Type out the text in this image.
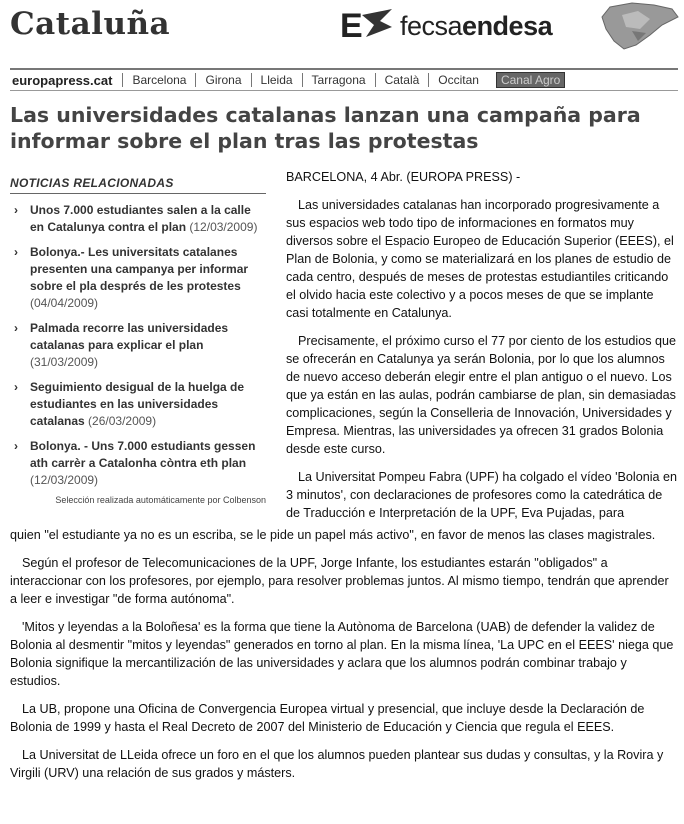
Cataluña	E fecsaendesa
europapress.cat	Barcelona	Girona	Lleida	Tarragona	Català	Occitan	Canal Agro
Las universidades catalanas lanzan una campaña para informar sobre el plan tras las protestas
NOTICIAS RELACIONADAS
› Unos 7.000 estudiantes salen a la calle en Catalunya contra el plan (12/03/2009)
› Bolonya.- Les universitats catalanes presenten una campanya per informar sobre el pla després de les protestes (04/04/2009)
› Palmada recorre las universidades catalanas para explicar el plan (31/03/2009)
› Seguimiento desigual de la huelga de estudiantes en las universidades catalanas (26/03/2009)
› Bolonya. - Uns 7.000 estudiants gessen ath carrèr a Catalonha còntra eth plan (12/03/2009)
Selección realizada automáticamente por Colbenson

BARCELONA, 4 Abr. (EUROPA PRESS) -

Las universidades catalanas han incorporado progresivamente a sus espacios web todo tipo de informaciones en formatos muy diversos sobre el Espacio Europeo de Educación Superior (EEES), el Plan de Bolonia, y como se materializará en los planes de estudio de cada centro, después de meses de protestas estudiantiles criticando el olvido hacia este colectivo y a pocos meses de que se implante casi totalmente en Catalunya.

Precisamente, el próximo curso el 77 por ciento de los estudios que se ofrecerán en Catalunya ya serán Bolonia, por lo que los alumnos de nuevo acceso deberán elegir entre el plan antiguo o el nuevo. Los que ya están en las aulas, podrán cambiarse de plan, sin demasiadas complicaciones, según la Conselleria de Innovación, Universidades y Empresa. Mientras, las universidades ya ofrecen 31 grados Bolonia desde este curso.

La Universitat Pompeu Fabra (UPF) ha colgado el vídeo 'Bolonia en 3 minutos', con declaraciones de profesores como la catedrática de de Traducción e Interpretación de la UPF, Eva Pujadas, para

quien "el estudiante ya no es un escriba, se le pide un papel más activo", en favor de menos las clases magistrales.

Según el profesor de Telecomunicaciones de la UPF, Jorge Infante, los estudiantes estarán "obligados" a interaccionar con los profesores, por ejemplo, para resolver problemas juntos. Al mismo tiempo, tendrán que aprender a leer e investigar "de forma autónoma".

'Mitos y leyendas a la Boloñesa' es la forma que tiene la Autònoma de Barcelona (UAB) de defender la validez de Bolonia al desmentir "mitos y leyendas" generados en torno al plan. En la misma línea, 'La UPC en el EEES' niega que Bolonia signifique la mercantilización de las universidades y aclara que los alumnos podrán combinar trabajo y estudios.

La UB, propone una Oficina de Convergencia Europea virtual y presencial, que incluye desde la Declaración de Bolonia de 1999 y hasta el Real Decreto de 2007 del Ministerio de Educación y Ciencia que regula el EEES.

La Universitat de LLeida ofrece un foro en el que los alumnos pueden plantear sus dudas y consultas, y la Rovira y Virgili (URV) una relación de sus grados y másters.
